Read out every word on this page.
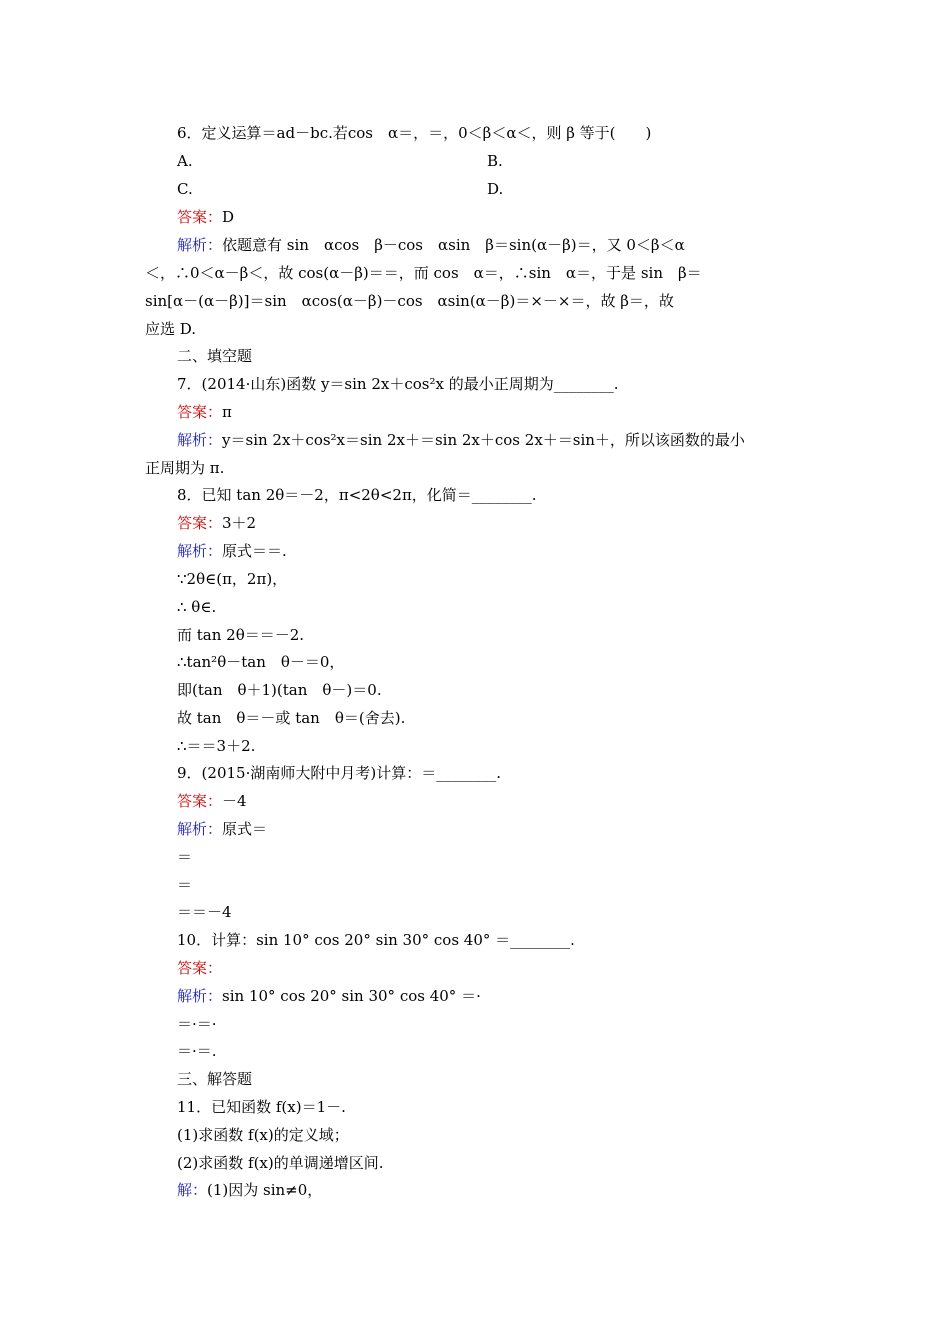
6．定义运算＝ad－bc.若cos　α＝，＝，0＜β＜α＜，则 β 等于(　　)
A.	B.
C.	D.
答案：D
解析：依题意有 sin　αcos　β－cos　αsin　β＝sin(α－β)＝，又 0＜β＜α
＜，∴0＜α－β＜，故 cos(α－β)＝＝，而 cos　α＝，∴sin　α＝，于是 sin　β＝
sin[α－(α－β)]＝sin　αcos(α－β)－cos　αsin(α－β)＝×－×＝，故 β＝，故
应选 D.
二、填空题
7．(2014·山东)函数 y＝sin 2x＋cos²x 的最小正周期为________.
答案：π
解析：y＝sin 2x＋cos²x＝sin 2x＋＝sin 2x＋cos 2x＋＝sin＋，所以该函数的最小
正周期为 π.
8．已知 tan 2θ＝－2，π<2θ<2π，化简＝________.
答案：3＋2
解析：原式＝＝.
∵2θ∈(π，2π)，
∴ θ∈.
而 tan 2θ＝＝－2.
∴tan²θ－tan　θ－＝0，
即(tan　θ＋1)(tan　θ－)＝0.
故 tan　θ＝－或 tan　θ＝(舍去).
∴＝＝3＋2.
9．(2015·湖南师大附中月考)计算：＝________.
答案：－4
解析：原式＝
＝
＝
＝＝－4
10．计算：sin 10° cos 20° sin 30° cos 40° ＝________.
答案：
解析：sin 10° cos 20° sin 30° cos 40° ＝·
＝·＝·
＝·＝.
三、解答题
11．已知函数 f(x)＝1－.
(1)求函数 f(x)的定义域；
(2)求函数 f(x)的单调递增区间.
解：(1)因为 sin≠0，
